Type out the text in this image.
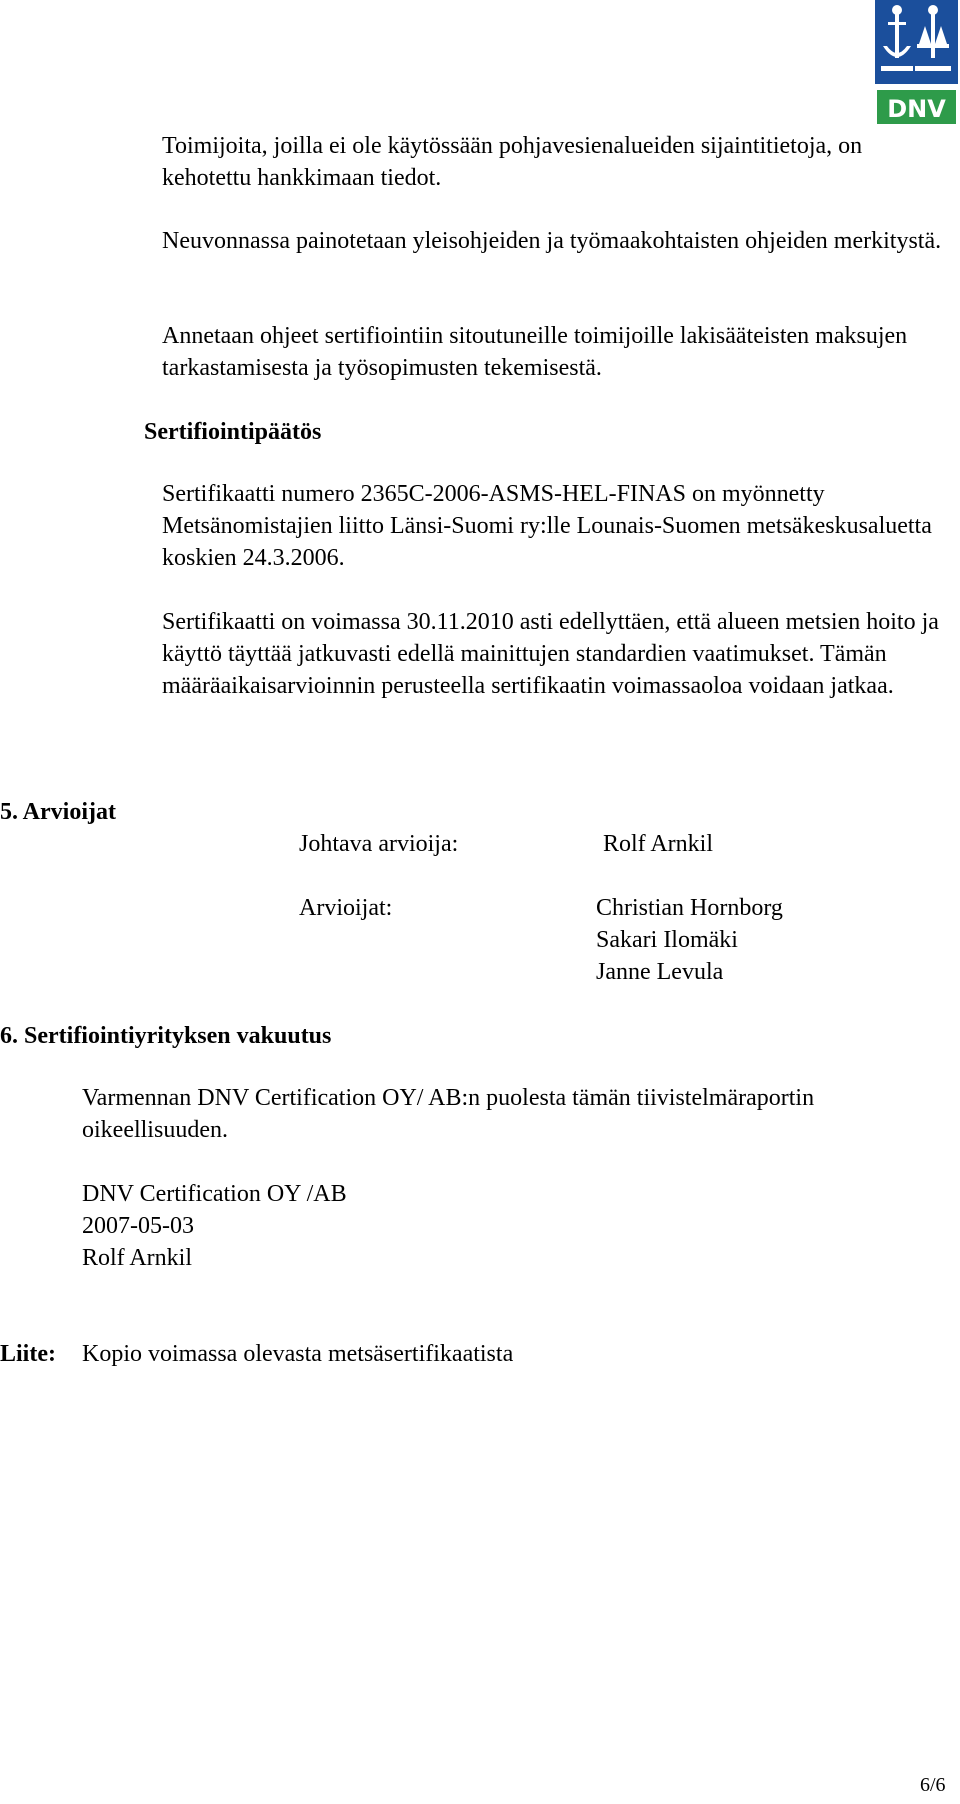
DNV
Toimijoita, joilla ei ole käytössään pohjavesienalueiden sijaintitietoja, on kehotettu hankkimaan tiedot.
Neuvonnassa painotetaan yleisohjeiden ja työmaakohtaisten ohjeiden merkitystä.
Annetaan ohjeet sertifiointiin sitoutuneille toimijoille lakisääteisten maksujen tarkastamisesta ja työsopimusten tekemisestä.
Sertifiointipäätös
Sertifikaatti numero 2365C-2006-ASMS-HEL-FINAS on myönnetty Metsänomistajien liitto Länsi-Suomi ry:lle Lounais-Suomen metsäkeskusaluetta koskien 24.3.2006.
Sertifikaatti on voimassa 30.11.2010 asti edellyttäen, että alueen metsien hoito ja käyttö täyttää jatkuvasti edellä mainittujen standardien vaatimukset. Tämän määräaikaisarvioinnin perusteella sertifikaatin voimassaoloa voidaan jatkaa.
5. Arvioijat
Johtava arvioija:	Rolf Arnkil
Arvioijat:	Christian Hornborg
Sakari Ilomäki
Janne Levula
6. Sertifiointiyrityksen vakuutus
Varmennan DNV Certification OY/ AB:n puolesta tämän tiivistelmäraportin oikeellisuuden.
DNV Certification OY /AB
2007-05-03
Rolf Arnkil
Liite: Kopio voimassa olevasta metsäsertifikaatista
6/6
